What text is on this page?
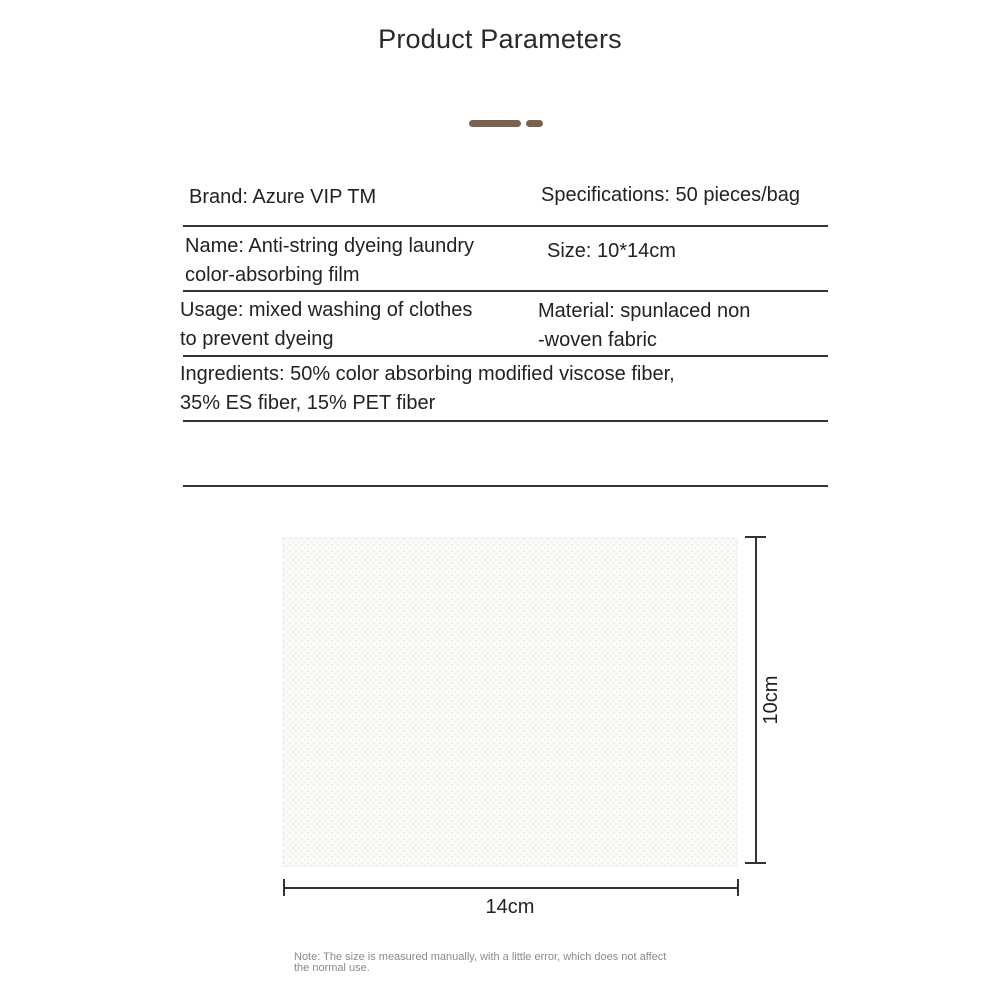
Product Parameters
Brand: Azure VIP TM	Specifications: 50 pieces/bag
Name: Anti-string dyeing laundry
color-absorbing film
Size: 10*14cm
Usage: mixed washing of clothes
to prevent dyeing
Material: spunlaced non
-woven fabric
Ingredients: 50% color absorbing modified viscose fiber,
35% ES fiber, 15% PET fiber
10cm
14cm
Note: The size is measured manually, with a little error, which does not affect
the normal use.
